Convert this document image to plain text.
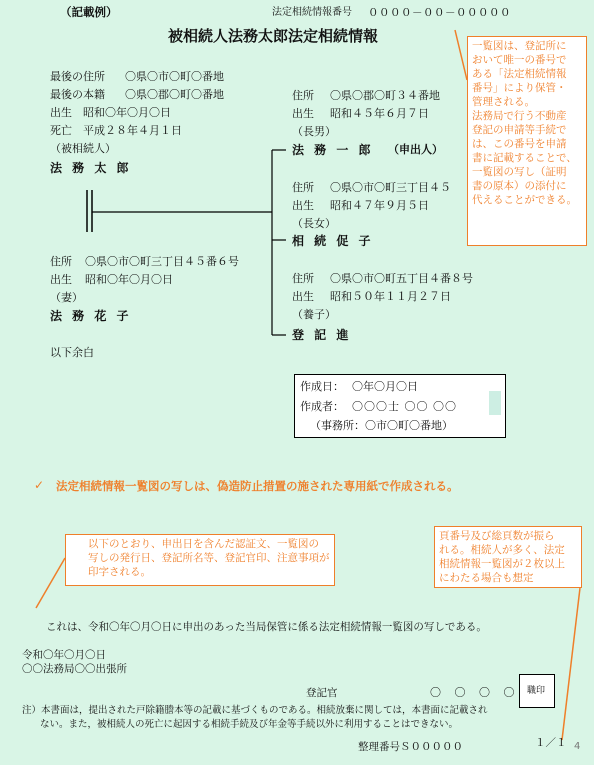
（記載例）	法定相続情報番号 ００００－００－０００００
被相続人法務太郎法定相続情報
最後の住所 〇県〇市〇町〇番地
最後の本籍 〇県〇郡〇町〇番地
出生 昭和〇年〇月〇日
死亡 平成２８年４月１日
（被相続人）
法 務 太 郎
住所 〇県〇市〇町三丁目４５番６号
出生 昭和〇年〇月〇日
（妻）
法 務 花 子
以下余白
住所 〇県〇郡〇町３４番地
出生 昭和４５年６月７日
（長男）
法 務 一 郎 （申出人）
住所 〇県〇市〇町三丁目４５
出生 昭和４７年９月５日
（長女）
相 続 促 子
住所 〇県〇市〇町五丁目４番８号
出生 昭和５０年１１月２７日
（養子）
登 記 進
一覧図は、登記所に
おいて唯一の番号で
ある「法定相続情報
番号」により保管・
管理される。
法務局で行う不動産
登記の申請等手続で
は、この番号を申請
書に記載することで、
一覧図の写し（証明
書の原本）の添付に
代えることができる。
作成日： 〇年〇月〇日
作成者： 〇〇〇士 〇〇 〇〇
（事務所：〇市〇町〇番地）
✓ 法定相続情報一覧図の写しは、偽造防止措置の施された専用紙で作成される。
以下のとおり、申出日を含んだ認証文、一覧図の
写しの発行日、登記所名等、登記官印、注意事項が
印字される。
頁番号及び総頁数が振ら
れる。相続人が多く、法定
相続情報一覧図が２枚以上
にわたる場合も想定
これは、令和〇年〇月〇日に申出のあった当局保管に係る法定相続情報一覧図の写しである。
令和〇年〇月〇日
〇〇法務局〇〇出張所
登記官	〇 〇 〇 〇 職印
注）本書面は，提出された戸除籍謄本等の記載に基づくものである。相続放棄に関しては，本書面に記載され
ない。また，被相続人の死亡に起因する相続手続及び年金等手続以外に利用することはできない。
１／１
整理番号Ｓ０００００	4
